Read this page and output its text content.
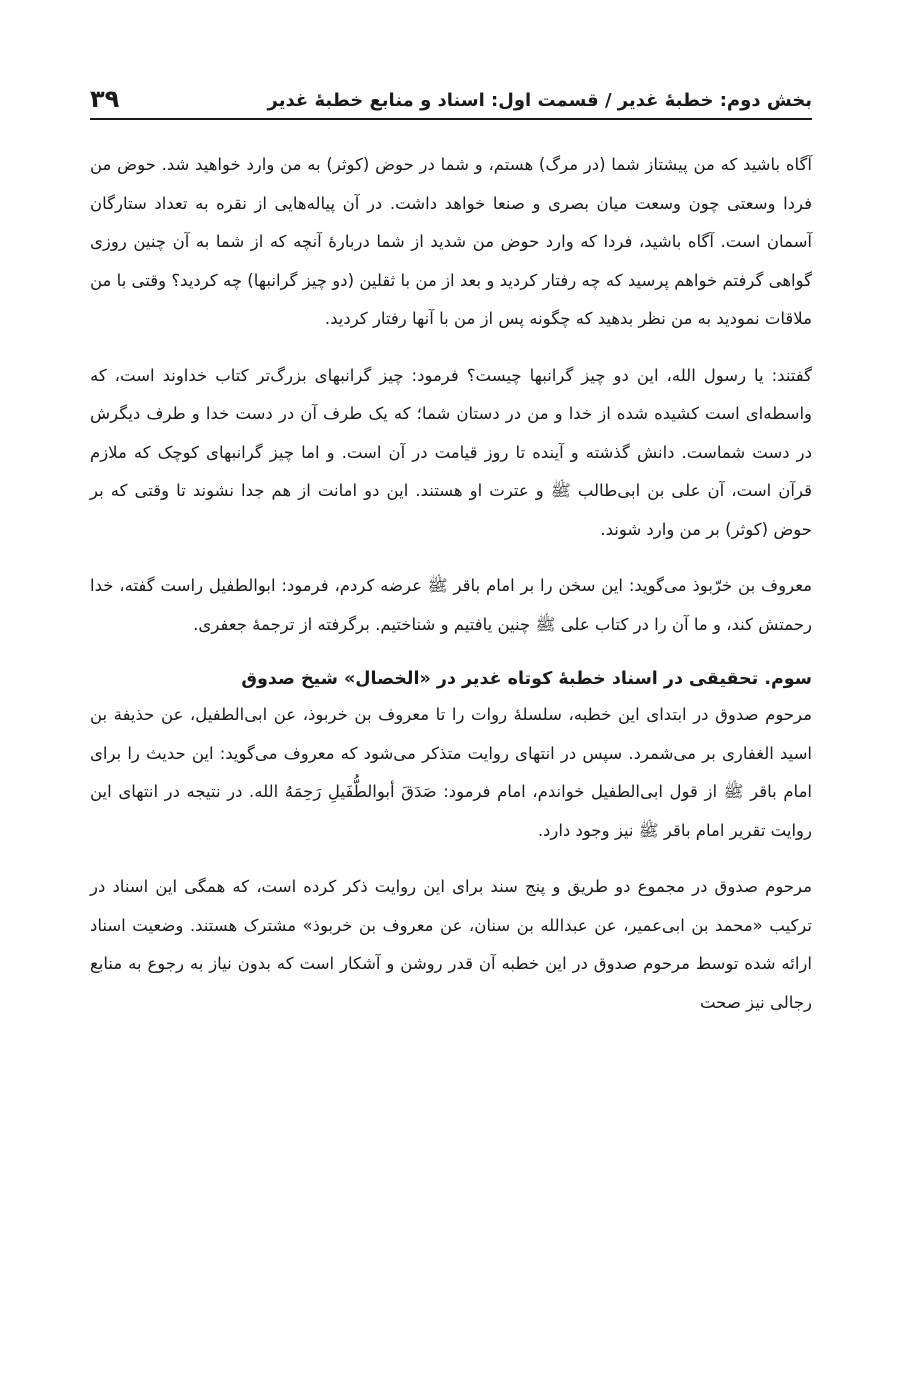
بخش دوم: خطبهٔ غدیر / قسمت اول: اسناد و منابع خطبهٔ غدیر
۳۹

آگاه باشید که من پیشتاز شما (در مرگ) هستم، و شما در حوض (کوثر) به من وارد خواهید شد. حوض من فردا وسعتی چون وسعت میان بصری و صنعا خواهد داشت. در آن پیاله‌هایی از نقره به تعداد ستارگان آسمان است. آگاه باشید، فردا که وارد حوض من شدید از شما دربارهٔ آنچه که از شما به آن چنین روزی گواهی گرفتم خواهم پرسید که چه رفتار کردید و بعد از من با ثقلین (دو چیز گرانبها) چه کردید؟ وقتی با من ملاقات نمودید به من نظر بدهید که چگونه پس از من با آنها رفتار کردید.

گفتند: یا رسول الله، این دو چیز گرانبها چیست؟ فرمود: چیز گرانبهای بزرگ‌تر کتاب خداوند است، که واسطه‌ای است کشیده شده از خدا و من در دستان شما؛ که یک طرف آن در دست خدا و طرف دیگرش در دست شماست. دانش گذشته و آینده تا روز قیامت در آن است. و اما چیز گرانبهای کوچک که ملازم قرآن است، آن علی بن ابی‌طالب ﷺ و عترت او هستند. این دو امانت از هم جدا نشوند تا وقتی که بر حوض (کوثر) بر من وارد شوند.

معروف بن خرّبوذ می‌گوید: این سخن را بر امام باقر ﷺ عرضه کردم، فرمود: ابوالطفیل راست گفته، خدا رحمتش کند، و ما آن را در کتاب علی ﷺ چنین یافتیم و شناختیم. برگرفته از ترجمهٔ جعفری.

سوم. تحقیقی در اسناد خطبهٔ کوتاه غدیر در «الخصال» شیخ صدوق

مرحوم صدوق در ابتدای این خطبه، سلسلهٔ روات را تا معروف بن خربوذ، عن ابی‌الطفیل، عن حذیفة بن اسید الغفاری بر می‌شمرد. سپس در انتهای روایت متذکر می‌شود که معروف می‌گوید: این حدیث را برای امام باقر ﷺ از قول ابی‌الطفیل خواندم، امام فرمود: صَدَقَ أبوالطُّفَیلِ رَحِمَهُ الله. در نتیجه در انتهای این روایت تقریر امام باقر ﷺ نیز وجود دارد.

مرحوم صدوق در مجموع دو طریق و پنج سند برای این روایت ذکر کرده است، که همگی این اسناد در ترکیب «محمد بن ابی‌عمیر، عن عبدالله بن سنان، عن معروف بن خربوذ» مشترک هستند. وضعیت اسناد ارائه شده توسط مرحوم صدوق در این خطبه آن قدر روشن و آشکار است که بدون نیاز به رجوع به منابع رجالی نیز صحت
